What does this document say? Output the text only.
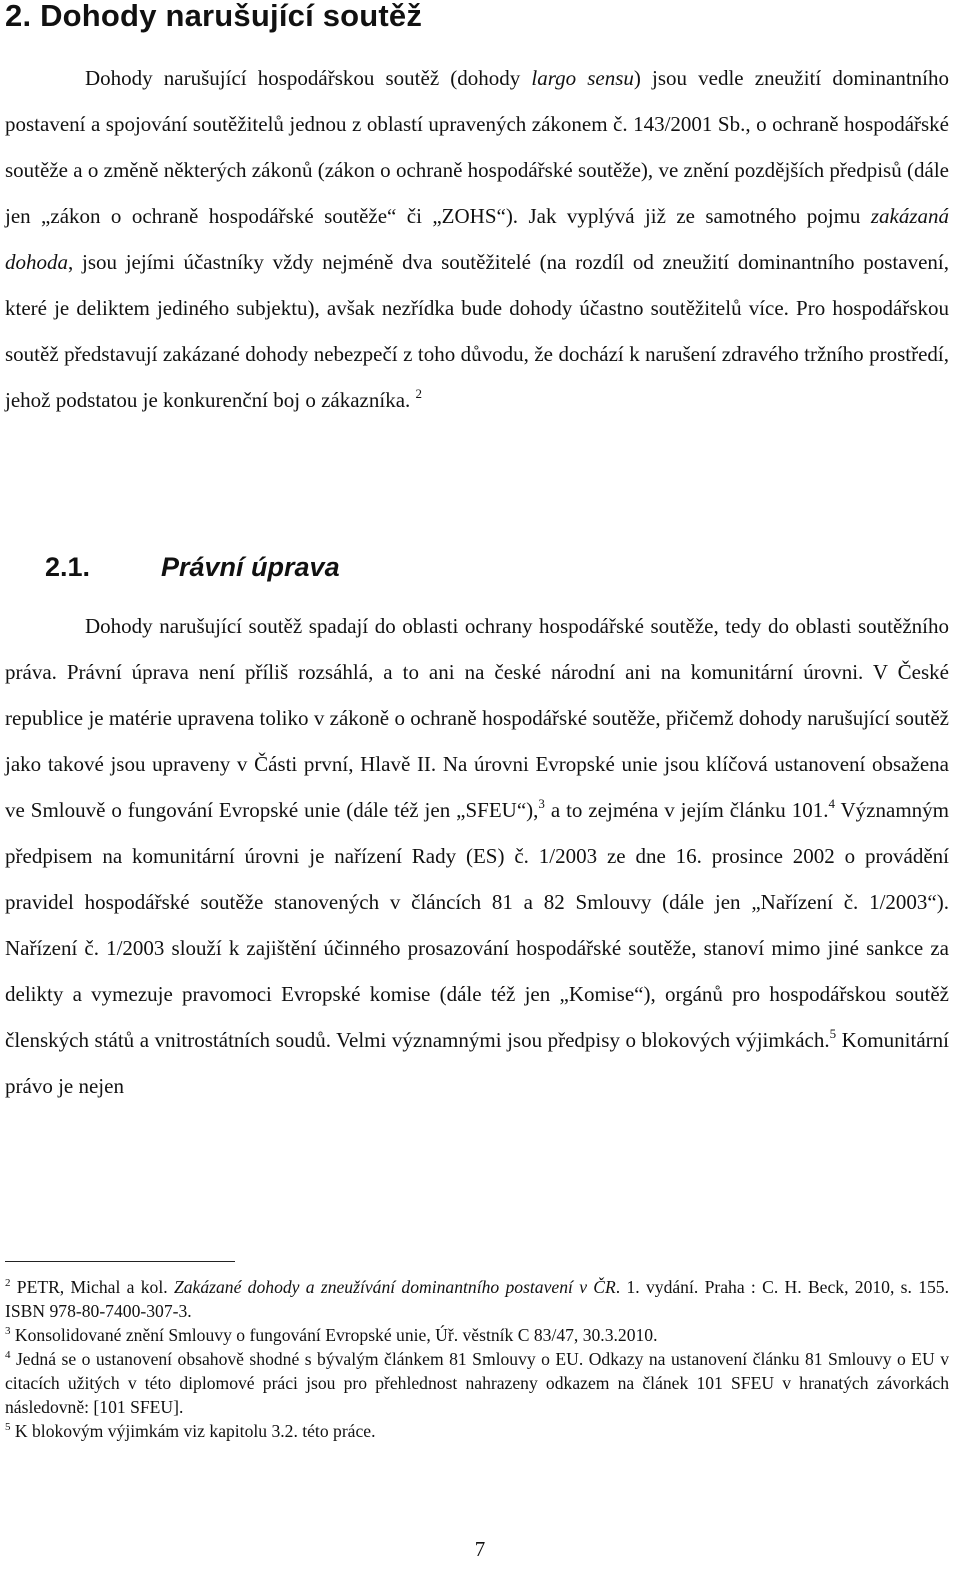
2. Dohody narušující soutěž

Dohody narušující hospodářskou soutěž (dohody largo sensu) jsou vedle zneužití dominantního postavení a spojování soutěžitelů jednou z oblastí upravených zákonem č. 143/2001 Sb., o ochraně hospodářské soutěže a o změně některých zákonů (zákon o ochraně hospodářské soutěže), ve znění pozdějších předpisů (dále jen „zákon o ochraně hospodářské soutěže“ či „ZOHS“). Jak vyplývá již ze samotného pojmu zakázaná dohoda, jsou jejími účastníky vždy nejméně dva soutěžitelé (na rozdíl od zneužití dominantního postavení, které je deliktem jediného subjektu), avšak nezřídka bude dohody účastno soutěžitelů více. Pro hospodářskou soutěž představují zakázané dohody nebezpečí z toho důvodu, že dochází k narušení zdravého tržního prostředí, jehož podstatou je konkurenční boj o zákazníka. $^2$

2.1.	Právní úprava

Dohody narušující soutěž spadají do oblasti ochrany hospodářské soutěže, tedy do oblasti soutěžního práva. Právní úprava není příliš rozsáhlá, a to ani na české národní ani na komunitární úrovni. V České republice je matérie upravena toliko v zákoně o ochraně hospodářské soutěže, přičemž dohody narušující soutěž jako takové jsou upraveny v Části první, Hlavě II. Na úrovni Evropské unie jsou klíčová ustanovení obsažena ve Smlouvě o fungování Evropské unie (dále též jen „SFEU“),$^3$ a to zejména v jejím článku 101.$^4$ Významným předpisem na komunitární úrovni je nařízení Rady (ES) č. 1/2003 ze dne 16. prosince 2002 o provádění pravidel hospodářské soutěže stanovených v článcích 81 a 82 Smlouvy (dále jen „Nařízení č. 1/2003“). Nařízení č. 1/2003 slouží k zajištění účinného prosazování hospodářské soutěže, stanoví mimo jiné sankce za delikty a vymezuje pravomoci Evropské komise (dále též jen „Komise“), orgánů pro hospodářskou soutěž členských států a vnitrostátních soudů. Velmi významnými jsou předpisy o blokových výjimkách.$^5$ Komunitární právo je nejen

$^2$ PETR, Michal a kol. Zakázané dohody a zneužívání dominantního postavení v ČR. 1. vydání. Praha : C. H. Beck, 2010, s. 155. ISBN 978-80-7400-307-3.

$^3$ Konsolidované znění Smlouvy o fungování Evropské unie, Úř. věstník C 83/47, 30.3.2010.

$^4$ Jedná se o ustanovení obsahově shodné s bývalým článkem 81 Smlouvy o EU. Odkazy na ustanovení článku 81 Smlouvy o EU v citacích užitých v této diplomové práci jsou pro přehlednost nahrazeny odkazem na článek 101 SFEU v hranatých závorkách následovně: [101 SFEU].

$^5$ K blokovým výjimkám viz kapitolu 3.2. této práce.

7
